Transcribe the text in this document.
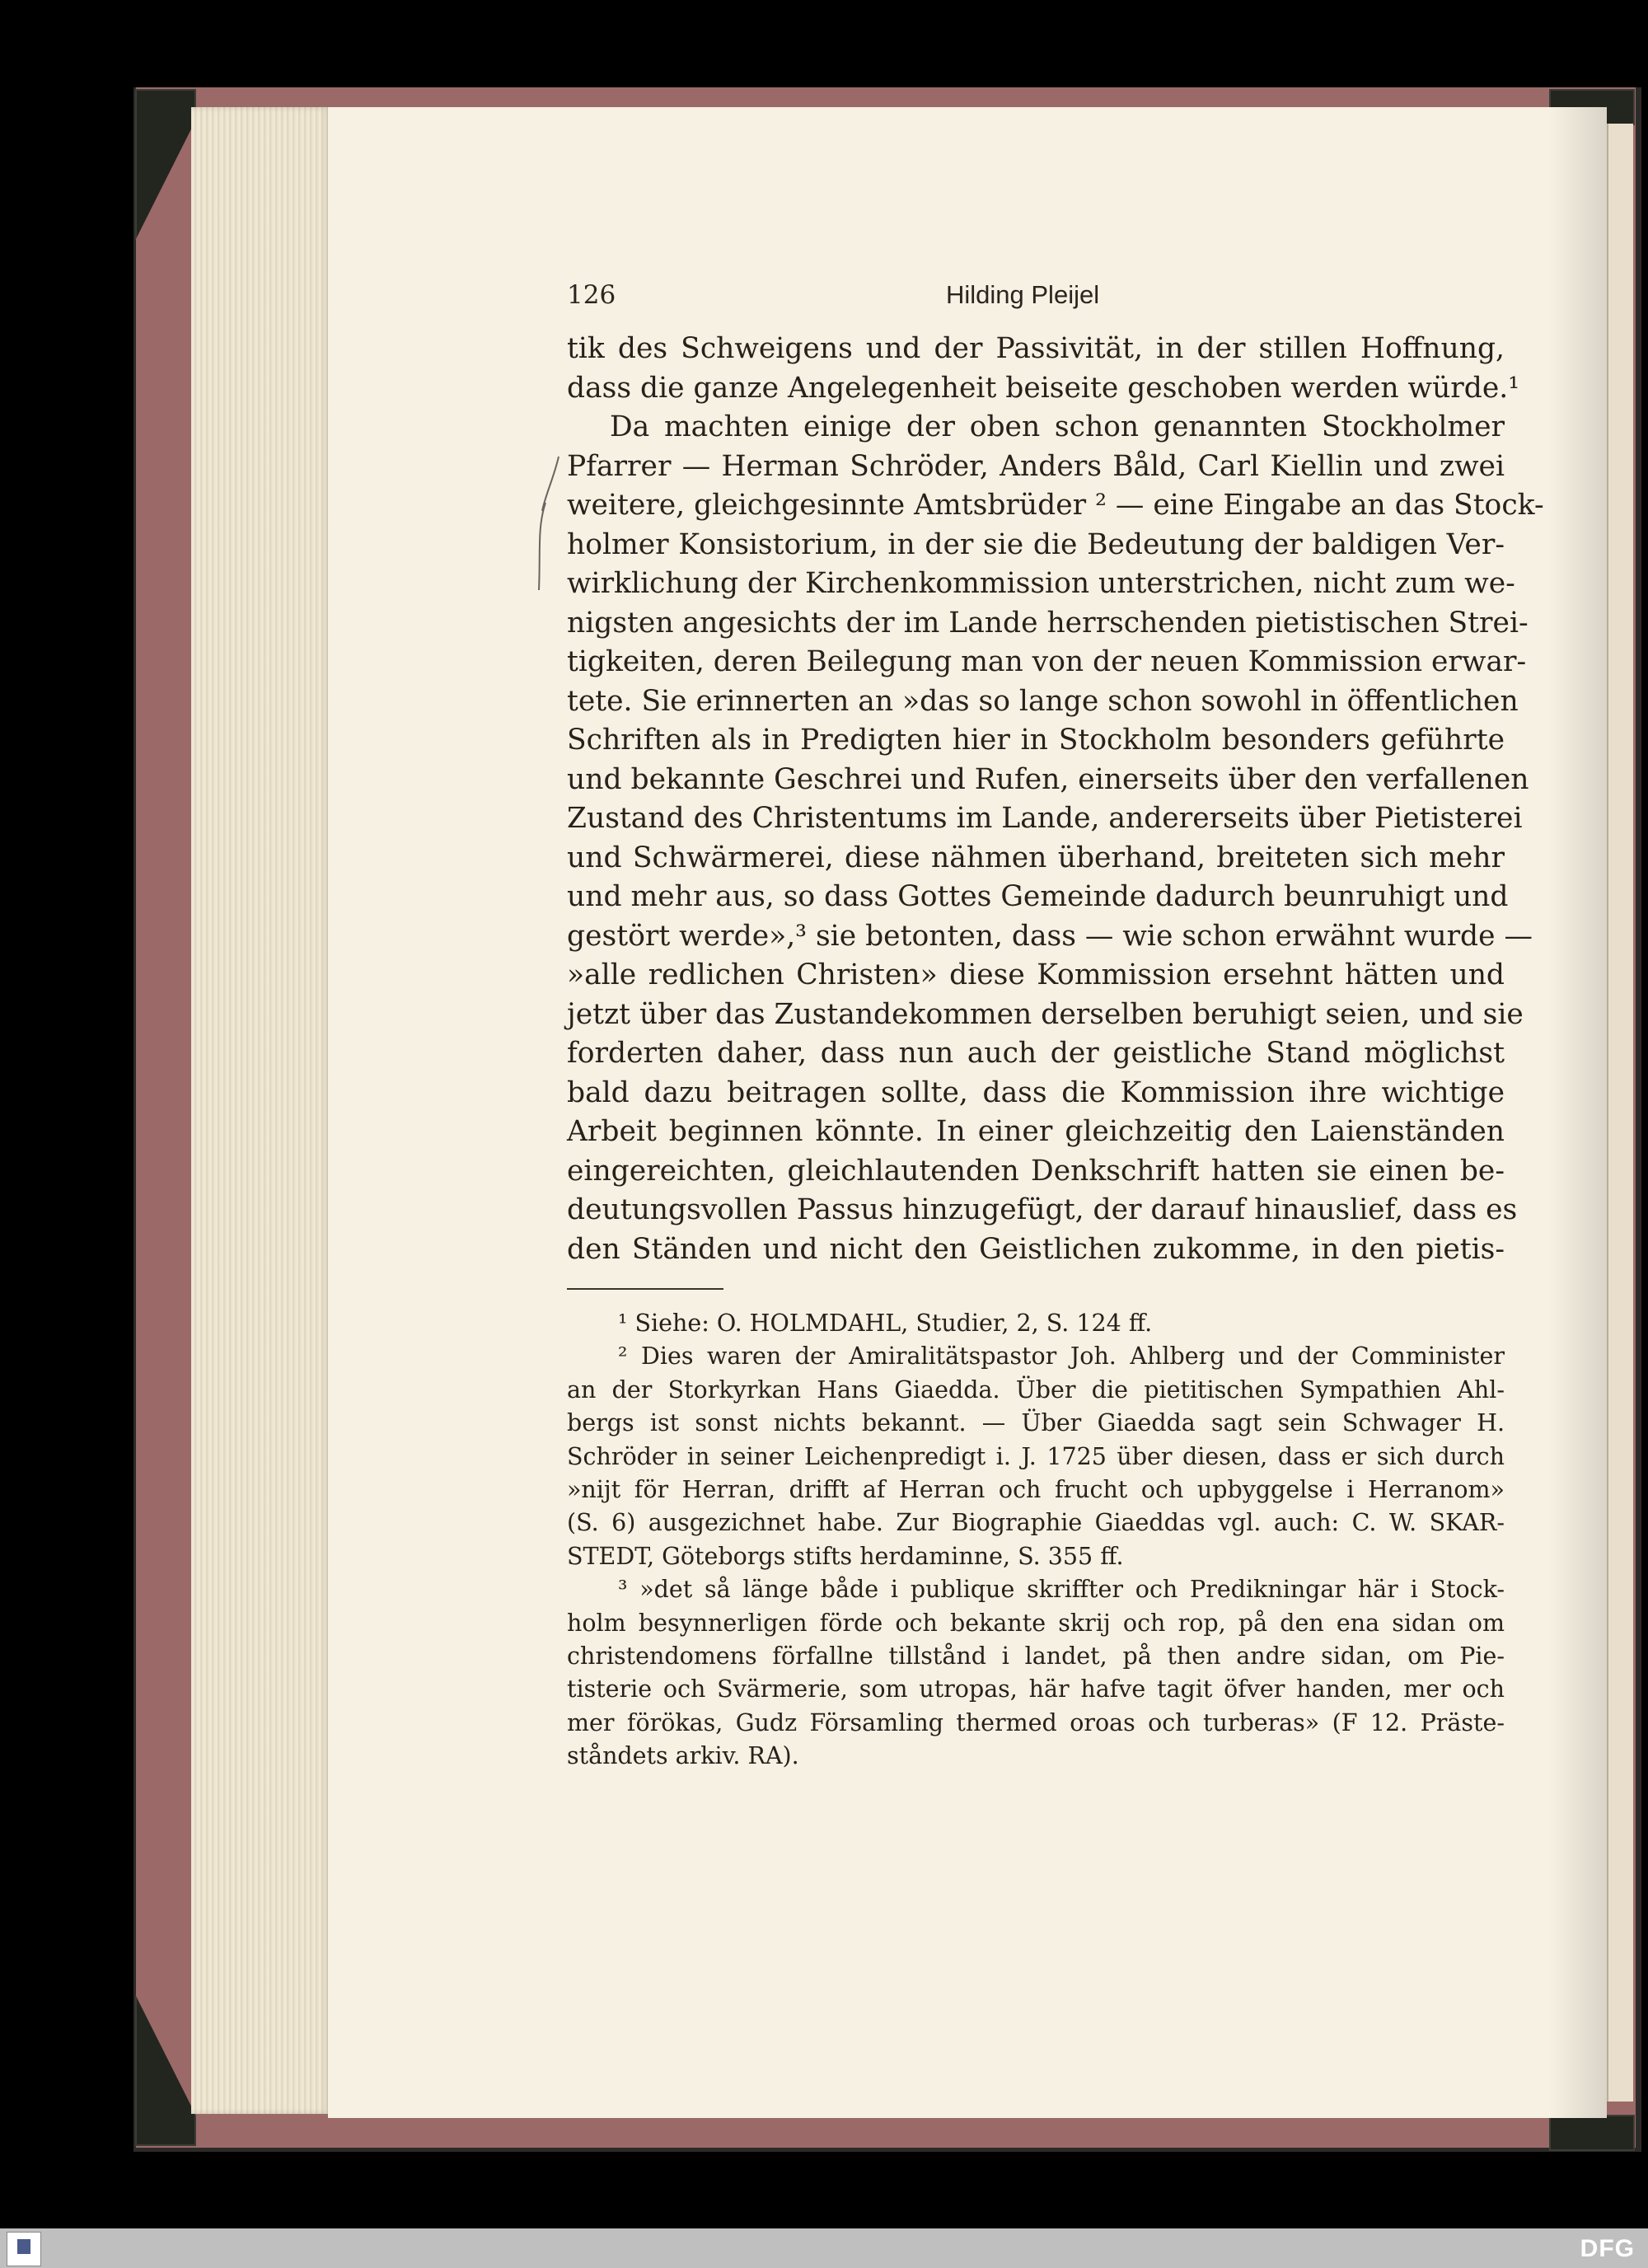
126	Hilding Pleijel
tik des Schweigens und der Passivität, in der stillen Hoffnung,
dass die ganze Angelegenheit beiseite geschoben werden würde.¹
Da machten einige der oben schon genannten Stockholmer
Pfarrer — Herman Schröder, Anders Båld, Carl Kiellin und zwei
weitere, gleichgesinnte Amtsbrüder ² — eine Eingabe an das Stock-
holmer Konsistorium, in der sie die Bedeutung der baldigen Ver-
wirklichung der Kirchenkommission unterstrichen, nicht zum we-
nigsten angesichts der im Lande herrschenden pietistischen Strei-
tigkeiten, deren Beilegung man von der neuen Kommission erwar-
tete. Sie erinnerten an »das so lange schon sowohl in öffentlichen
Schriften als in Predigten hier in Stockholm besonders geführte
und bekannte Geschrei und Rufen, einerseits über den verfallenen
Zustand des Christentums im Lande, andererseits über Pietisterei
und Schwärmerei, diese nähmen überhand, breiteten sich mehr
und mehr aus, so dass Gottes Gemeinde dadurch beunruhigt und
gestört werde»,³ sie betonten, dass — wie schon erwähnt wurde —
»alle redlichen Christen» diese Kommission ersehnt hätten und
jetzt über das Zustandekommen derselben beruhigt seien, und sie
forderten daher, dass nun auch der geistliche Stand möglichst
bald dazu beitragen sollte, dass die Kommission ihre wichtige
Arbeit beginnen könnte. In einer gleichzeitig den Laienständen
eingereichten, gleichlautenden Denkschrift hatten sie einen be-
deutungsvollen Passus hinzugefügt, der darauf hinauslief, dass es
den Ständen und nicht den Geistlichen zukomme, in den pietis-
¹ Siehe: O. HOLMDAHL, Studier, 2, S. 124 ff.
² Dies waren der Amiralitätspastor Joh. Ahlberg und der Comminister
an der Storkyrkan Hans Giaedda. Über die pietitischen Sympathien Ahl-
bergs ist sonst nichts bekannt. — Über Giaedda sagt sein Schwager H.
Schröder in seiner Leichenpredigt i. J. 1725 über diesen, dass er sich durch
»nijt för Herran, drifft af Herran och frucht och upbyggelse i Herranom»
(S. 6) ausgezichnet habe. Zur Biographie Giaeddas vgl. auch: C. W. SKAR-
STEDT, Göteborgs stifts herdaminne, S. 355 ff.
³ »det så länge både i publique skriffter och Predikningar här i Stock-
holm besynnerligen förde och bekante skrij och rop, på den ena sidan om
christendomens förfallne tillstånd i landet, på then andre sidan, om Pie-
tisterie och Svärmerie, som utropas, här hafve tagit öfver handen, mer och
mer förökas, Gudz Församling thermed oroas och turberas» (F 12. Präste-
ståndets arkiv. RA).
DFG
